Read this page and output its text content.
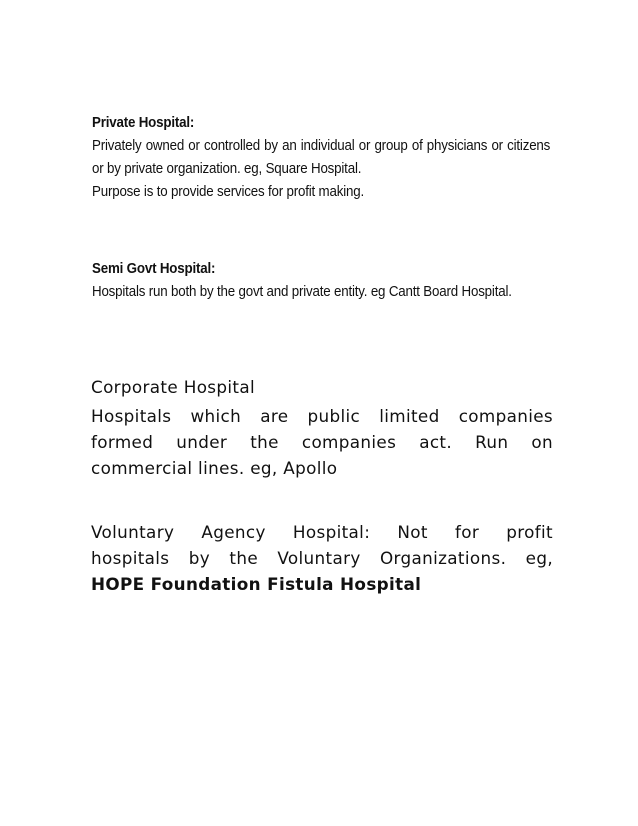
Private Hospital:

Privately owned or controlled by an individual or group of physicians or citizens or by private organization. eg, Square Hospital.

Purpose is to provide services for profit making.

Semi Govt Hospital:

Hospitals run both by the govt and private entity. eg Cantt Board Hospital.

Corporate Hospital
Hospitals which are public limited companies
formed under the companies act. Run on
commercial lines. eg, Apollo
Voluntary Agency Hospital: Not for profit
hospitals by the Voluntary Organizations. eg,
HOPE Foundation Fistula Hospital
